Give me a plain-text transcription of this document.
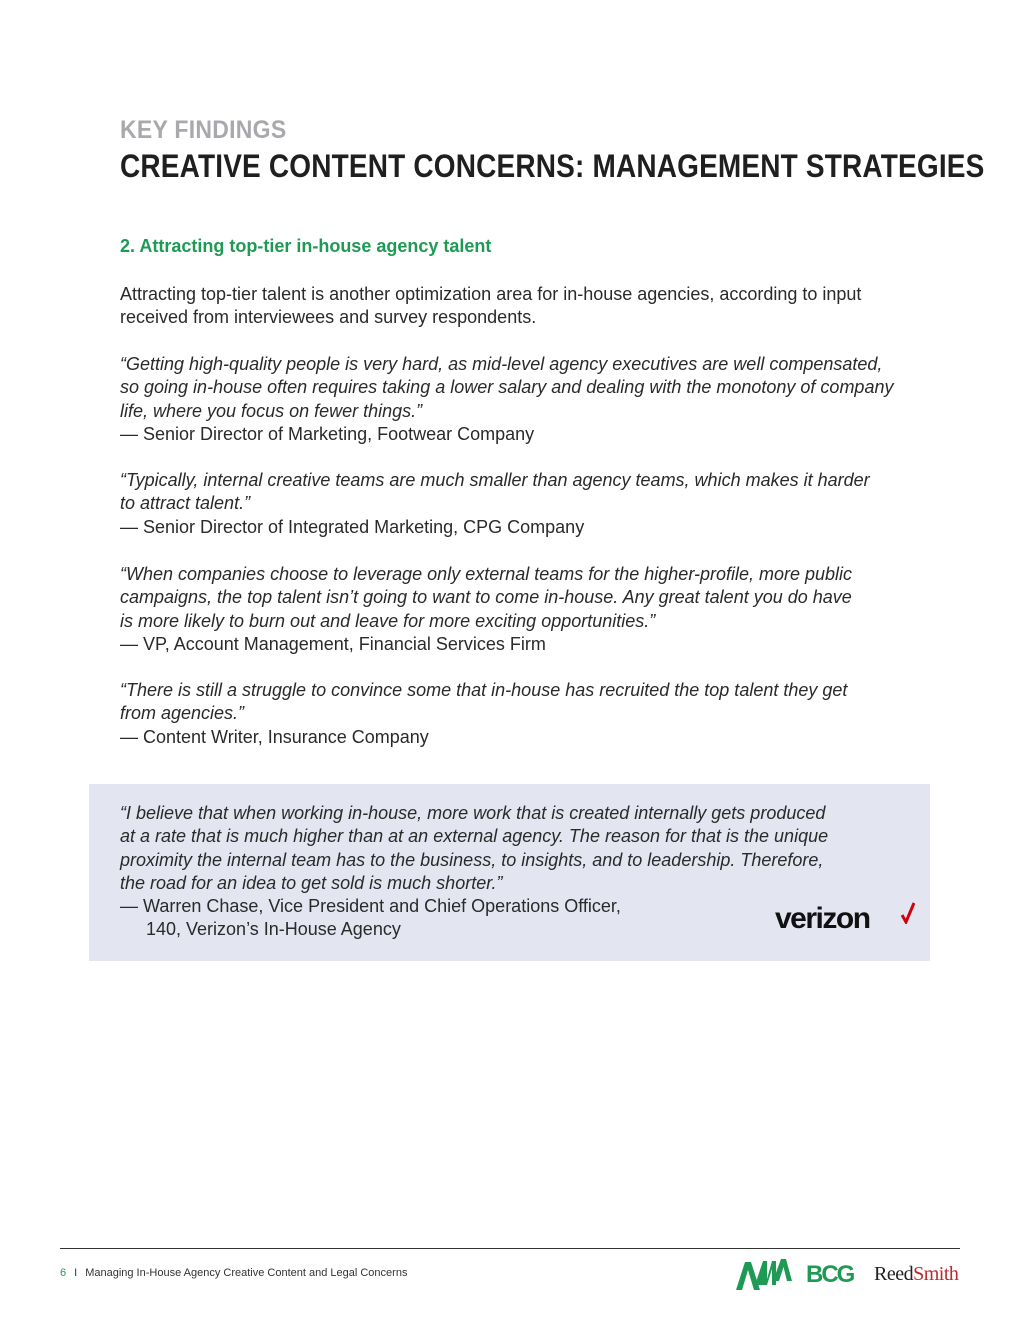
KEY FINDINGS
CREATIVE CONTENT CONCERNS: MANAGEMENT STRATEGIES
2. Attracting top-tier in-house agency talent

Attracting top-tier talent is another optimization area for in-house agencies, according to input

received from interviewees and survey respondents.

“Getting high-quality people is very hard, as mid-level agency executives are well compensated,

so going in-house often requires taking a lower salary and dealing with the monotony of company

life, where you focus on fewer things.”

— Senior Director of Marketing, Footwear Company

“Typically, internal creative teams are much smaller than agency teams, which makes it harder

to attract talent.”

— Senior Director of Integrated Marketing, CPG Company

“When companies choose to leverage only external teams for the higher-profile, more public

campaigns, the top talent isn’t going to want to come in-house. Any great talent you do have

is more likely to burn out and leave for more exciting opportunities.”

— VP, Account Management, Financial Services Firm

“There is still a struggle to convince some that in-house has recruited the top talent they get

from agencies.”

— Content Writer, Insurance Company

“I believe that when working in-house, more work that is created internally gets produced

at a rate that is much higher than at an external agency. The reason for that is the unique

proximity the internal team has to the business, to insights, and to leadership. Therefore,

the road for an idea to get sold is much shorter.”

— Warren Chase, Vice President and Chief Operations Officer,

140, Verizon’s In-House Agency	verizon
6 I Managing In-House Agency Creative Content and Legal Concerns	BCG ReedSmith
